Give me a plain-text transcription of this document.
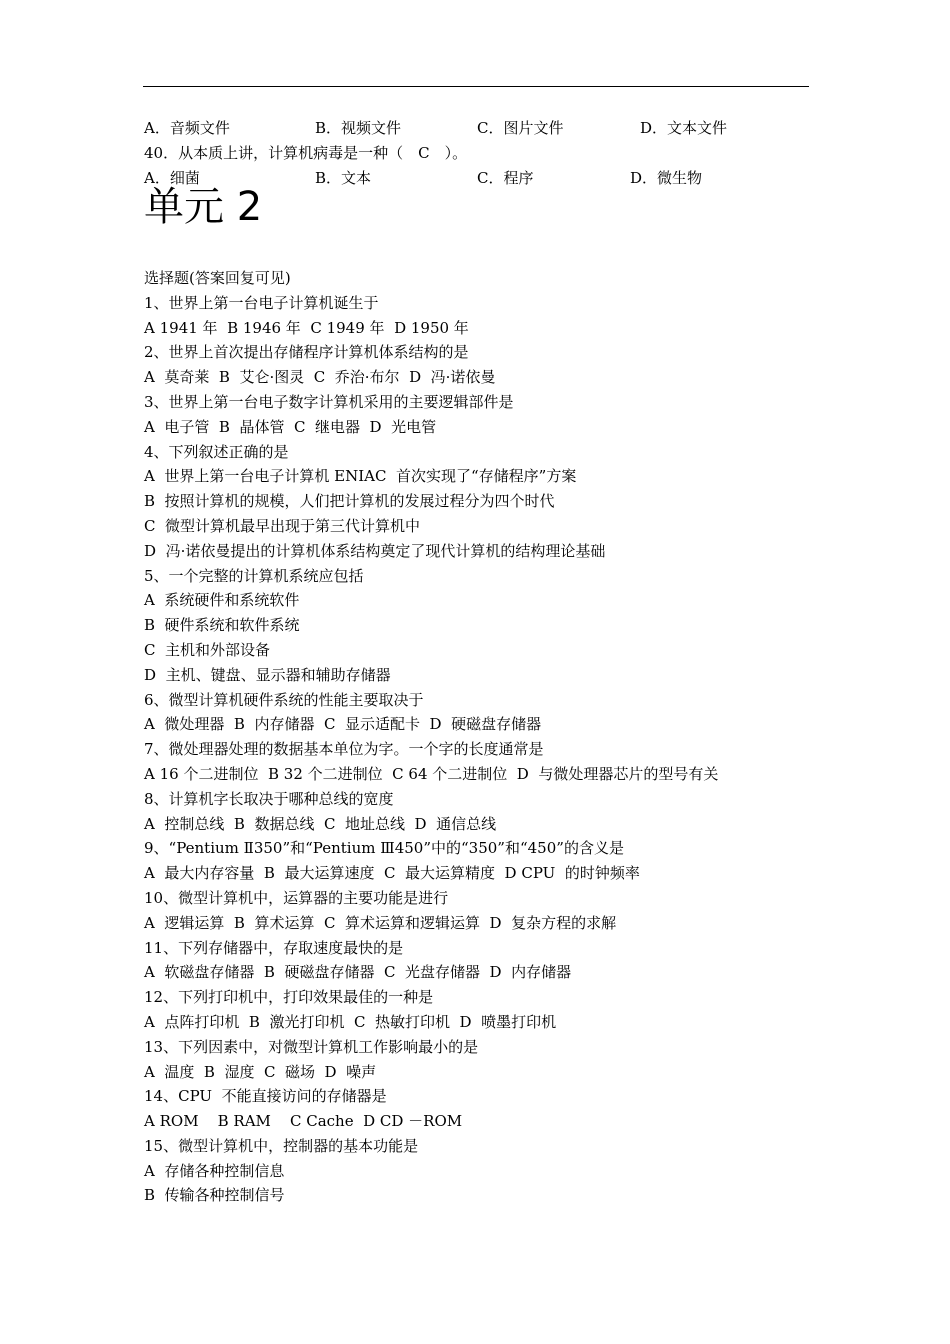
A．音频文件	B．视频文件	C．图片文件	D．文本文件
40．从本质上讲，计算机病毒是一种（　C　）。
A．细菌	B．文本	C．程序	D．微生物
单元 2
选择题(答案回复可见)
1、世界上第一台电子计算机诞生于
A 1941 年  B 1946 年  C 1949 年  D 1950 年
2、世界上首次提出存储程序计算机体系结构的是
A  莫奇莱  B  艾仑·图灵  C  乔治·布尔  D  冯·诺依曼
3、世界上第一台电子数字计算机采用的主要逻辑部件是
A  电子管  B  晶体管  C  继电器  D  光电管
4、下列叙述正确的是
A  世界上第一台电子计算机 ENIAC  首次实现了“存储程序”方案
B  按照计算机的规模，人们把计算机的发展过程分为四个时代
C  微型计算机最早出现于第三代计算机中
D  冯·诺依曼提出的计算机体系结构奠定了现代计算机的结构理论基础
5、一个完整的计算机系统应包括
A  系统硬件和系统软件
B  硬件系统和软件系统
C  主机和外部设备
D  主机、键盘、显示器和辅助存储器
6、微型计算机硬件系统的性能主要取决于
A  微处理器  B  内存储器  C  显示适配卡  D  硬磁盘存储器
7、微处理器处理的数据基本单位为字。一个字的长度通常是
A 16 个二进制位  B 32 个二进制位  C 64 个二进制位  D  与微处理器芯片的型号有关
8、计算机字长取决于哪种总线的宽度
A  控制总线  B  数据总线  C  地址总线  D  通信总线
9、“Pentium Ⅱ350”和“Pentium Ⅲ450”中的“350”和“450”的含义是
A  最大内存容量  B  最大运算速度  C  最大运算精度  D CPU  的时钟频率
10、微型计算机中，运算器的主要功能是进行
A  逻辑运算  B  算术运算  C  算术运算和逻辑运算  D  复杂方程的求解
11、下列存储器中，存取速度最快的是
A  软磁盘存储器  B  硬磁盘存储器  C  光盘存储器  D  内存储器
12、下列打印机中，打印效果最佳的一种是
A  点阵打印机  B  激光打印机  C  热敏打印机  D  喷墨打印机
13、下列因素中，对微型计算机工作影响最小的是
A  温度  B  湿度  C  磁场  D  噪声
14、CPU  不能直接访问的存储器是
A ROM    B RAM    C Cache  D CD －ROM
15、微型计算机中，控制器的基本功能是
A  存储各种控制信息
B  传输各种控制信号
